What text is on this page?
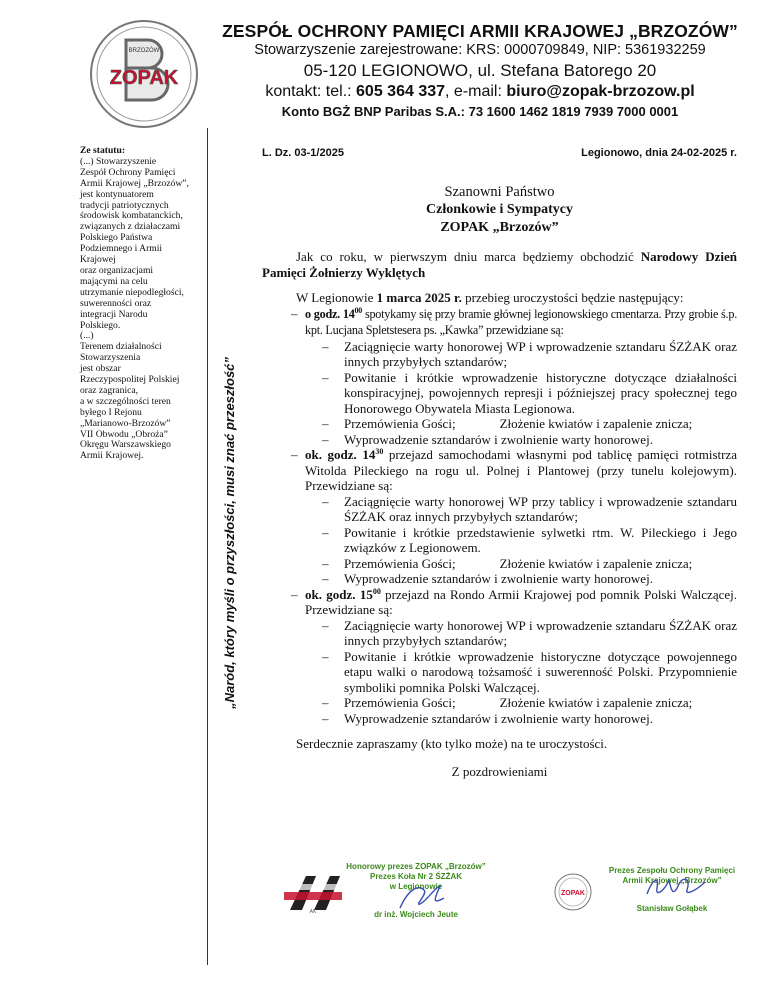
BRZOZÓW
ZOPAK
ZESPÓŁ OCHRONY PAMIĘCI ARMII KRAJOWEJ „BRZOZÓW”
Stowarzyszenie zarejestrowane: KRS: 0000709849, NIP: 5361932259
05-120 LEGIONOWO, ul. Stefana Batorego 20
kontakt: tel.: 605 364 337, e-mail: biuro@zopak-brzozow.pl
Konto BGŻ BNP Paribas S.A.: 73 1600 1462 1819 7939 7000 0001
Ze statutu:
(...) Stowarzyszenie
Zespół Ochrony Pamięci
Armii Krajowej „Brzozów”,
jest kontynuatorem
tradycji patriotycznych
środowisk kombatanckich,
związanych z działaczami
Polskiego Państwa
Podziemnego i Armii
Krajowej
oraz organizacjami
mającymi na celu
utrzymanie niepodległości,
suwerenności oraz
integracji Narodu
Polskiego.
(...)
Terenem działalności
Stowarzyszenia
jest obszar
Rzeczypospolitej Polskiej
oraz zagranica,
a w szczególności teren
byłego I Rejonu
„Marianowo-Brzozów”
VII Obwodu „Obroża”
Okręgu Warszawskiego
Armii Krajowej.	„Naród, który myśli o przyszłości, musi znać przeszłość”
L. Dz. 03-1/2025	Legionowo, dnia 24-02-2025 r.
Szanowni Państwo
Członkowie i Sympatycy
ZOPAK „Brzozów”

Jak co roku, w pierwszym dniu marca będziemy obchodzić Narodowy Dzień Pamięci Żołnierzy Wyklętych

W Legionowie 1 marca 2025 r. przebieg uroczystości będzie następujący:

– o godz. $14^{00}$ spotykamy się przy bramie głównej legionowskiego cmentarza. Przy grobie ś.p. kpt. Lucjana Spletstesera ps. „Kawka” przewidziane są:
– Zaciągnięcie warty honorowej WP i wprowadzenie sztandaru ŚZŻAK oraz innych przybyłych sztandarów;
– Powitanie i krótkie wprowadzenie historyczne dotyczące działalności konspiracyjnej, powojennych represji i późniejszej pracy społecznej tego Honorowego Obywatela Miasta Legionowa.
– Przemówienia Gości;	Złożenie kwiatów i zapalenie znicza;
– Wyprowadzenie sztandarów i zwolnienie warty honorowej.
– ok. godz. $14^{30}$ przejazd samochodami własnymi pod tablicę pamięci rotmistrza Witolda Pileckiego na rogu ul. Polnej i Plantowej (przy tunelu kolejowym). Przewidziane są:
– Zaciągnięcie warty honorowej WP przy tablicy i wprowadzenie sztandaru ŚZŻAK oraz innych przybyłych sztandarów;
– Powitanie i krótkie przedstawienie sylwetki rtm. W. Pileckiego i Jego związków z Legionowem.
– Przemówienia Gości;	Złożenie kwiatów i zapalenie znicza;
– Wyprowadzenie sztandarów i zwolnienie warty honorowej.
– ok. godz. $15^{00}$ przejazd na Rondo Armii Krajowej pod pomnik Polski Walczącej. Przewidziane są:
– Zaciągnięcie warty honorowej WP i wprowadzenie sztandaru ŚZŻAK oraz innych przybyłych sztandarów;
– Powitanie i krótkie wprowadzenie historyczne dotyczące powojennego etapu walki o narodową tożsamość i suwerenność Polski. Przypomnienie symboliki pomnika Polski Walczącej.
– Przemówienia Gości;	Złożenie kwiatów i zapalenie znicza;
– Wyprowadzenie sztandarów i zwolnienie warty honorowej.

Serdecznie zapraszamy (kto tylko może) na te uroczystości.

Z pozdrowieniami

AK
Honorowy prezes ZOPAK „Brzozów”
Prezes Koła Nr 2 ŚZŻAK
w Legionowie
dr inż. Wojciech Jeute
ZOPAK
Prezes Zespołu Ochrony Pamięci
Armii Krajowej „Brzozów”
Stanisław Gołąbek
